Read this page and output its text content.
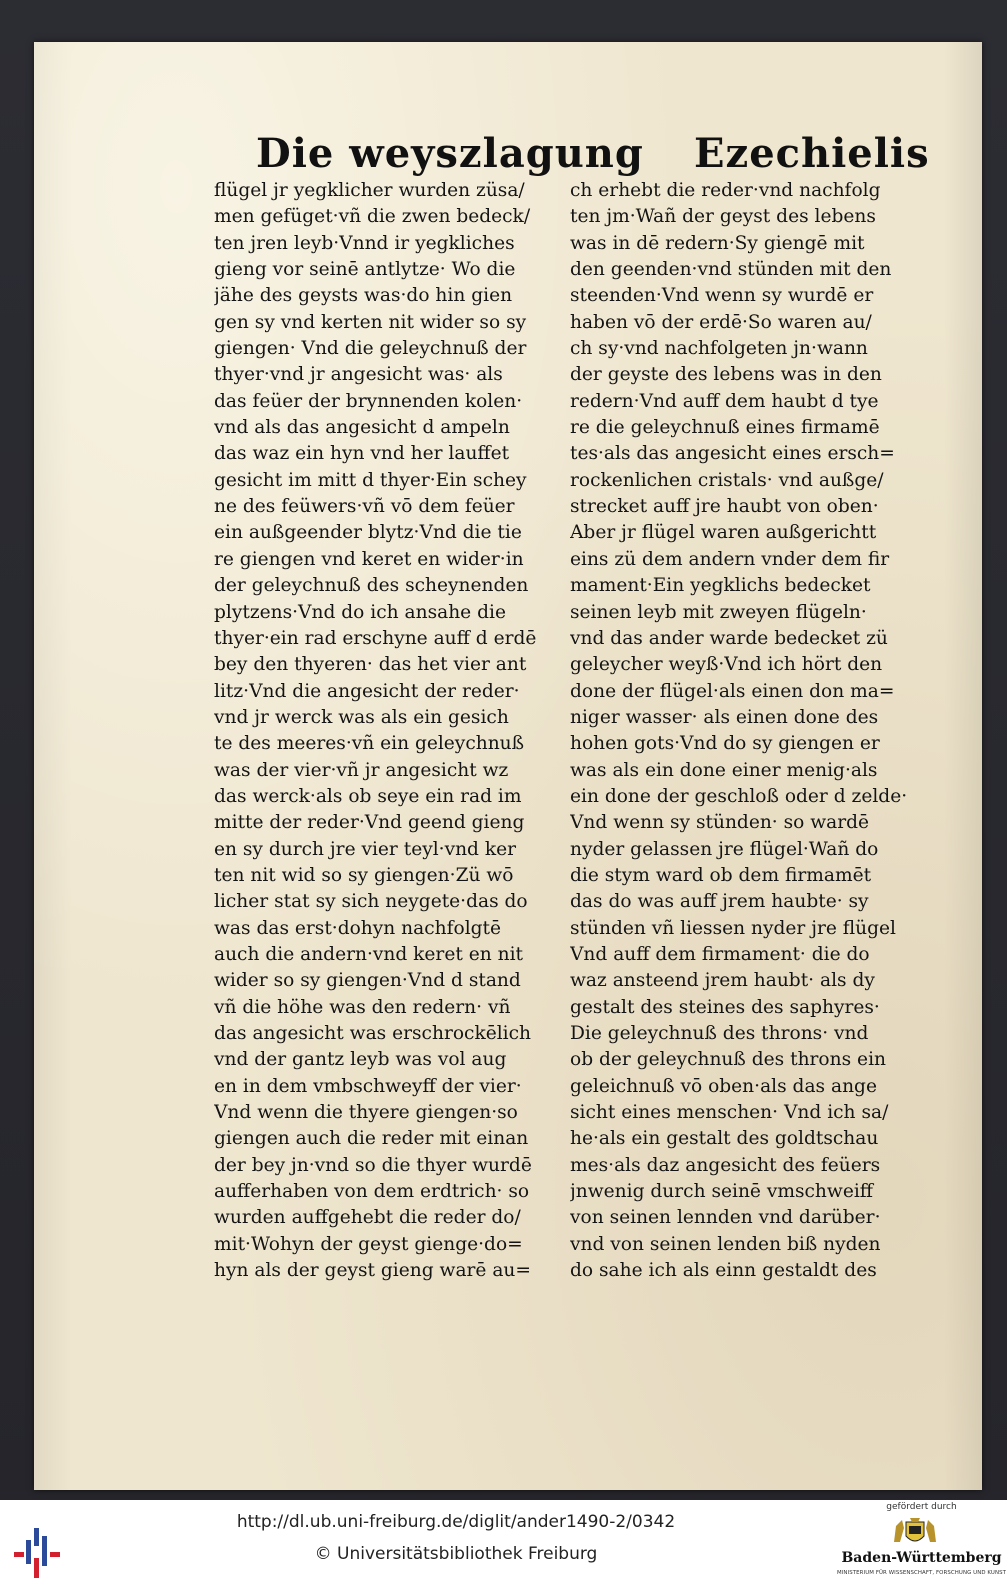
Die weyszlagung Ezechielis
flügel jr yegklicher wurden züsa/
men gefüget·vñ die zwen bedeck/
ten jren leyb·Vnnd ir yegkliches
gieng vor seinē antlytze· Wo die
jähe des geysts was·do hin gien
gen sy vnd kerten nit wider so sy
giengen· Vnd die geleychnuß der
thyer·vnd jr angesicht was· als
das feüer der brynnenden kolen·
vnd als das angesicht d ampeln
das waz ein hyn vnd her lauffet
gesicht im mitt d thyer·Ein schey
ne des feüwers·vñ vō dem feüer
ein außgeender blytz·Vnd die tie
re giengen vnd keret en wider·in
der geleychnuß des scheynenden
plytzens·Vnd do ich ansahe die
thyer·ein rad erschyne auff d erdē
bey den thyeren· das het vier ant
litz·Vnd die angesicht der reder·
vnd jr werck was als ein gesich
te des meeres·vñ ein geleychnuß
was der vier·vñ jr angesicht wz
das werck·als ob seye ein rad im
mitte der reder·Vnd geend gieng
en sy durch jre vier teyl·vnd ker
ten nit wid so sy giengen·Zü wō
licher stat sy sich neygete·das do
was das erst·dohyn nachfolgtē
auch die andern·vnd keret en nit
wider so sy giengen·Vnd d stand
vñ die höhe was den redern· vñ
das angesicht was erschrockēlich
vnd der gantz leyb was vol aug
en in dem vmbschweyff der vier·
Vnd wenn die thyere giengen·so
giengen auch die reder mit einan
der bey jn·vnd so die thyer wurdē
aufferhaben von dem erdtrich· so
wurden auffgehebt die reder do/
mit·Wohyn der geyst gienge·do=
hyn als der geyst gieng warē au=
ch erhebt die reder·vnd nachfolg
ten jm·Wañ der geyst des lebens
was in dē redern·Sy giengē mit
den geenden·vnd stünden mit den
steenden·Vnd wenn sy wurdē er
haben vō der erdē·So waren au/
ch sy·vnd nachfolgeten jn·wann
der geyste des lebens was in den
redern·Vnd auff dem haubt d tye
re die geleychnuß eines firmamē
tes·als das angesicht eines ersch=
rockenlichen cristals· vnd außge/
strecket auff jre haubt von oben·
Aber jr flügel waren außgerichtt
eins zü dem andern vnder dem fir
mament·Ein yegklichs bedecket
seinen leyb mit zweyen flügeln·
vnd das ander warde bedecket zü
geleycher weyß·Vnd ich hört den
done der flügel·als einen don ma=
niger wasser· als einen done des
hohen gots·Vnd do sy giengen er
was als ein done einer menig·als
ein done der geschloß oder d zelde·
Vnd wenn sy stünden· so wardē
nyder gelassen jre flügel·Wañ do
die stym ward ob dem firmamēt
das do was auff jrem haubte· sy
stünden vñ liessen nyder jre flügel
Vnd auff dem firmament· die do
waz ansteend jrem haubt· als dy
gestalt des steines des saphyres·
Die geleychnuß des throns· vnd
ob der geleychnuß des throns ein
geleichnuß vō oben·als das ange
sicht eines menschen· Vnd ich sa/
he·als ein gestalt des goldtschau
mes·als daz angesicht des feüers
jnwenig durch seinē vmschweiff
von seinen lennden vnd darüber·
vnd von seinen lenden biß nyden
do sahe ich als einn gestaldt des
http://dl.ub.uni-freiburg.de/diglit/ander1490-2/0342
© Universitätsbibliothek Freiburg
gefördert durch
Baden-Württemberg
MINISTERIUM FÜR WISSENSCHAFT, FORSCHUNG UND KUNST
